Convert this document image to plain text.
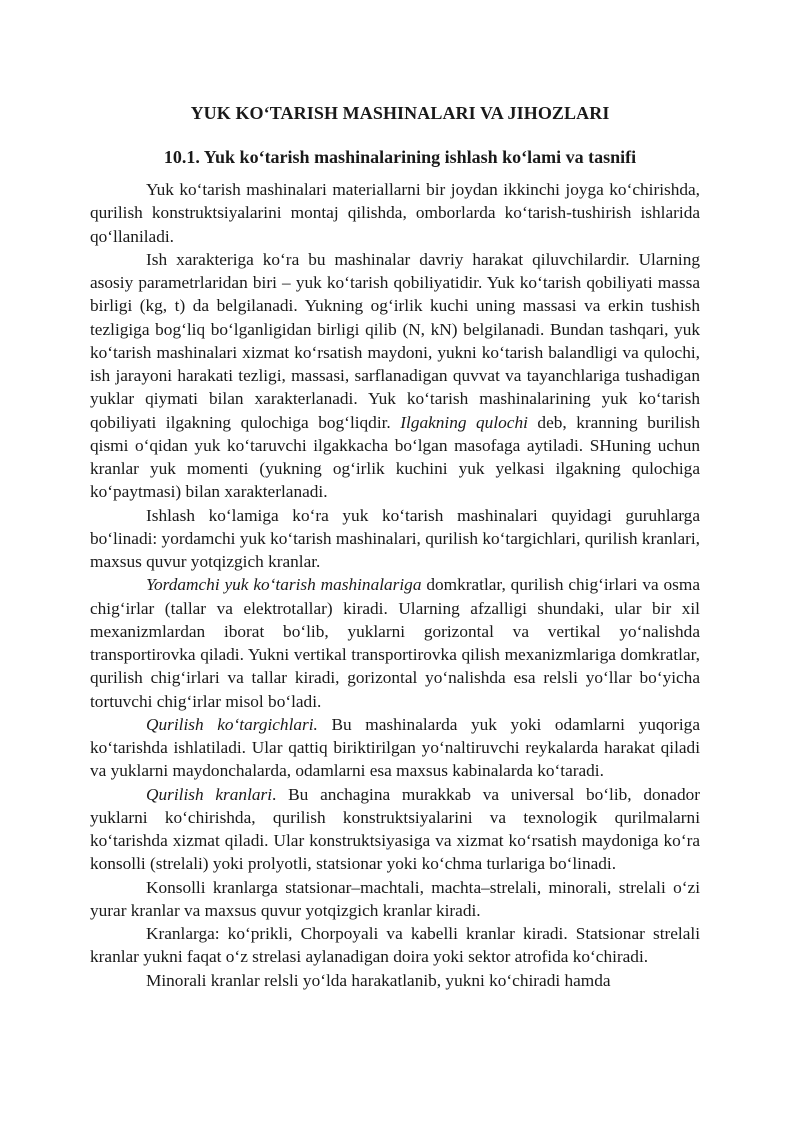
YUK KO‘TARISH MASHINALARI VA JIHOZLARI
10.1. Yuk ko‘tarish mashinalarining ishlash ko‘lami va tasnifi

Yuk ko‘tarish mashinalari materiallarni bir joydan ikkinchi joyga ko‘chirishda, qurilish konstruktsiyalarini montaj qilishda, omborlarda ko‘tarish-tushirish ishlarida qo‘llaniladi.

Ish xarakteriga ko‘ra bu mashinalar davriy harakat qiluvchilardir. Ularning asosiy parametrlaridan biri – yuk ko‘tarish qobiliyatidir. Yuk ko‘tarish qobiliyati massa birligi (kg, t) da belgilanadi. Yukning og‘irlik kuchi uning massasi va erkin tushish tezligiga bog‘liq bo‘lganligidan birligi qilib (N, kN) belgilanadi. Bundan tashqari, yuk ko‘tarish mashinalari xizmat ko‘rsatish maydoni, yukni ko‘tarish balandligi va qulochi, ish jarayoni harakati tezligi, massasi, sarflanadigan quvvat va tayanchlariga tushadigan yuklar qiymati bilan xarakterlanadi. Yuk ko‘tarish mashinalarining yuk ko‘tarish qobiliyati ilgakning qulochiga bog‘liqdir. Ilgakning qulochi deb, kranning burilish qismi o‘qidan yuk ko‘taruvchi ilgakkacha bo‘lgan masofaga aytiladi. SHuning uchun kranlar yuk momenti (yukning og‘irlik kuchini yuk yelkasi ilgakning qulochiga ko‘paytmasi) bilan xarakterlanadi.

Ishlash ko‘lamiga ko‘ra yuk ko‘tarish mashinalari quyidagi guruhlarga bo‘linadi: yordamchi yuk ko‘tarish mashinalari, qurilish ko‘targichlari, qurilish kranlari, maxsus quvur yotqizgich kranlar.

Yordamchi yuk ko‘tarish mashinalariga domkratlar, qurilish chig‘irlari va osma chig‘irlar (tallar va elektrotallar) kiradi. Ularning afzalligi shundaki, ular bir xil mexanizmlardan iborat bo‘lib, yuklarni gorizontal va vertikal yo‘nalishda transportirovka qiladi. Yukni vertikal transportirovka qilish mexanizmlariga domkratlar, qurilish chig‘irlari va tallar kiradi, gorizontal yo‘nalishda esa relsli yo‘llar bo‘yicha tortuvchi chig‘irlar misol bo‘ladi.

Qurilish ko‘targichlari. Bu mashinalarda yuk yoki odamlarni yuqoriga ko‘tarishda ishlatiladi. Ular qattiq biriktirilgan yo‘naltiruvchi reykalarda harakat qiladi va yuklarni maydonchalarda, odamlarni esa maxsus kabinalarda ko‘taradi.

Qurilish kranlari. Bu anchagina murakkab va universal bo‘lib, donador yuklarni ko‘chirishda, qurilish konstruktsiyalarini va texnologik qurilmalarni ko‘tarishda xizmat qiladi. Ular konstruktsiyasiga va xizmat ko‘rsatish maydoniga ko‘ra konsolli (strelali) yoki prolyotli, statsionar yoki ko‘chma turlariga bo‘linadi.

Konsolli kranlarga statsionar–machtali, machta–strelali, minorali, strelali o‘zi yurar kranlar va maxsus quvur yotqizgich kranlar kiradi.

Kranlarga: ko‘prikli, Chorpoyali va kabelli kranlar kiradi. Statsionar strelali kranlar yukni faqat o‘z strelasi aylanadigan doira yoki sektor atrofida ko‘chiradi.

Minorali kranlar relsli yo‘lda harakatlanib, yukni ko‘chiradi hamda
